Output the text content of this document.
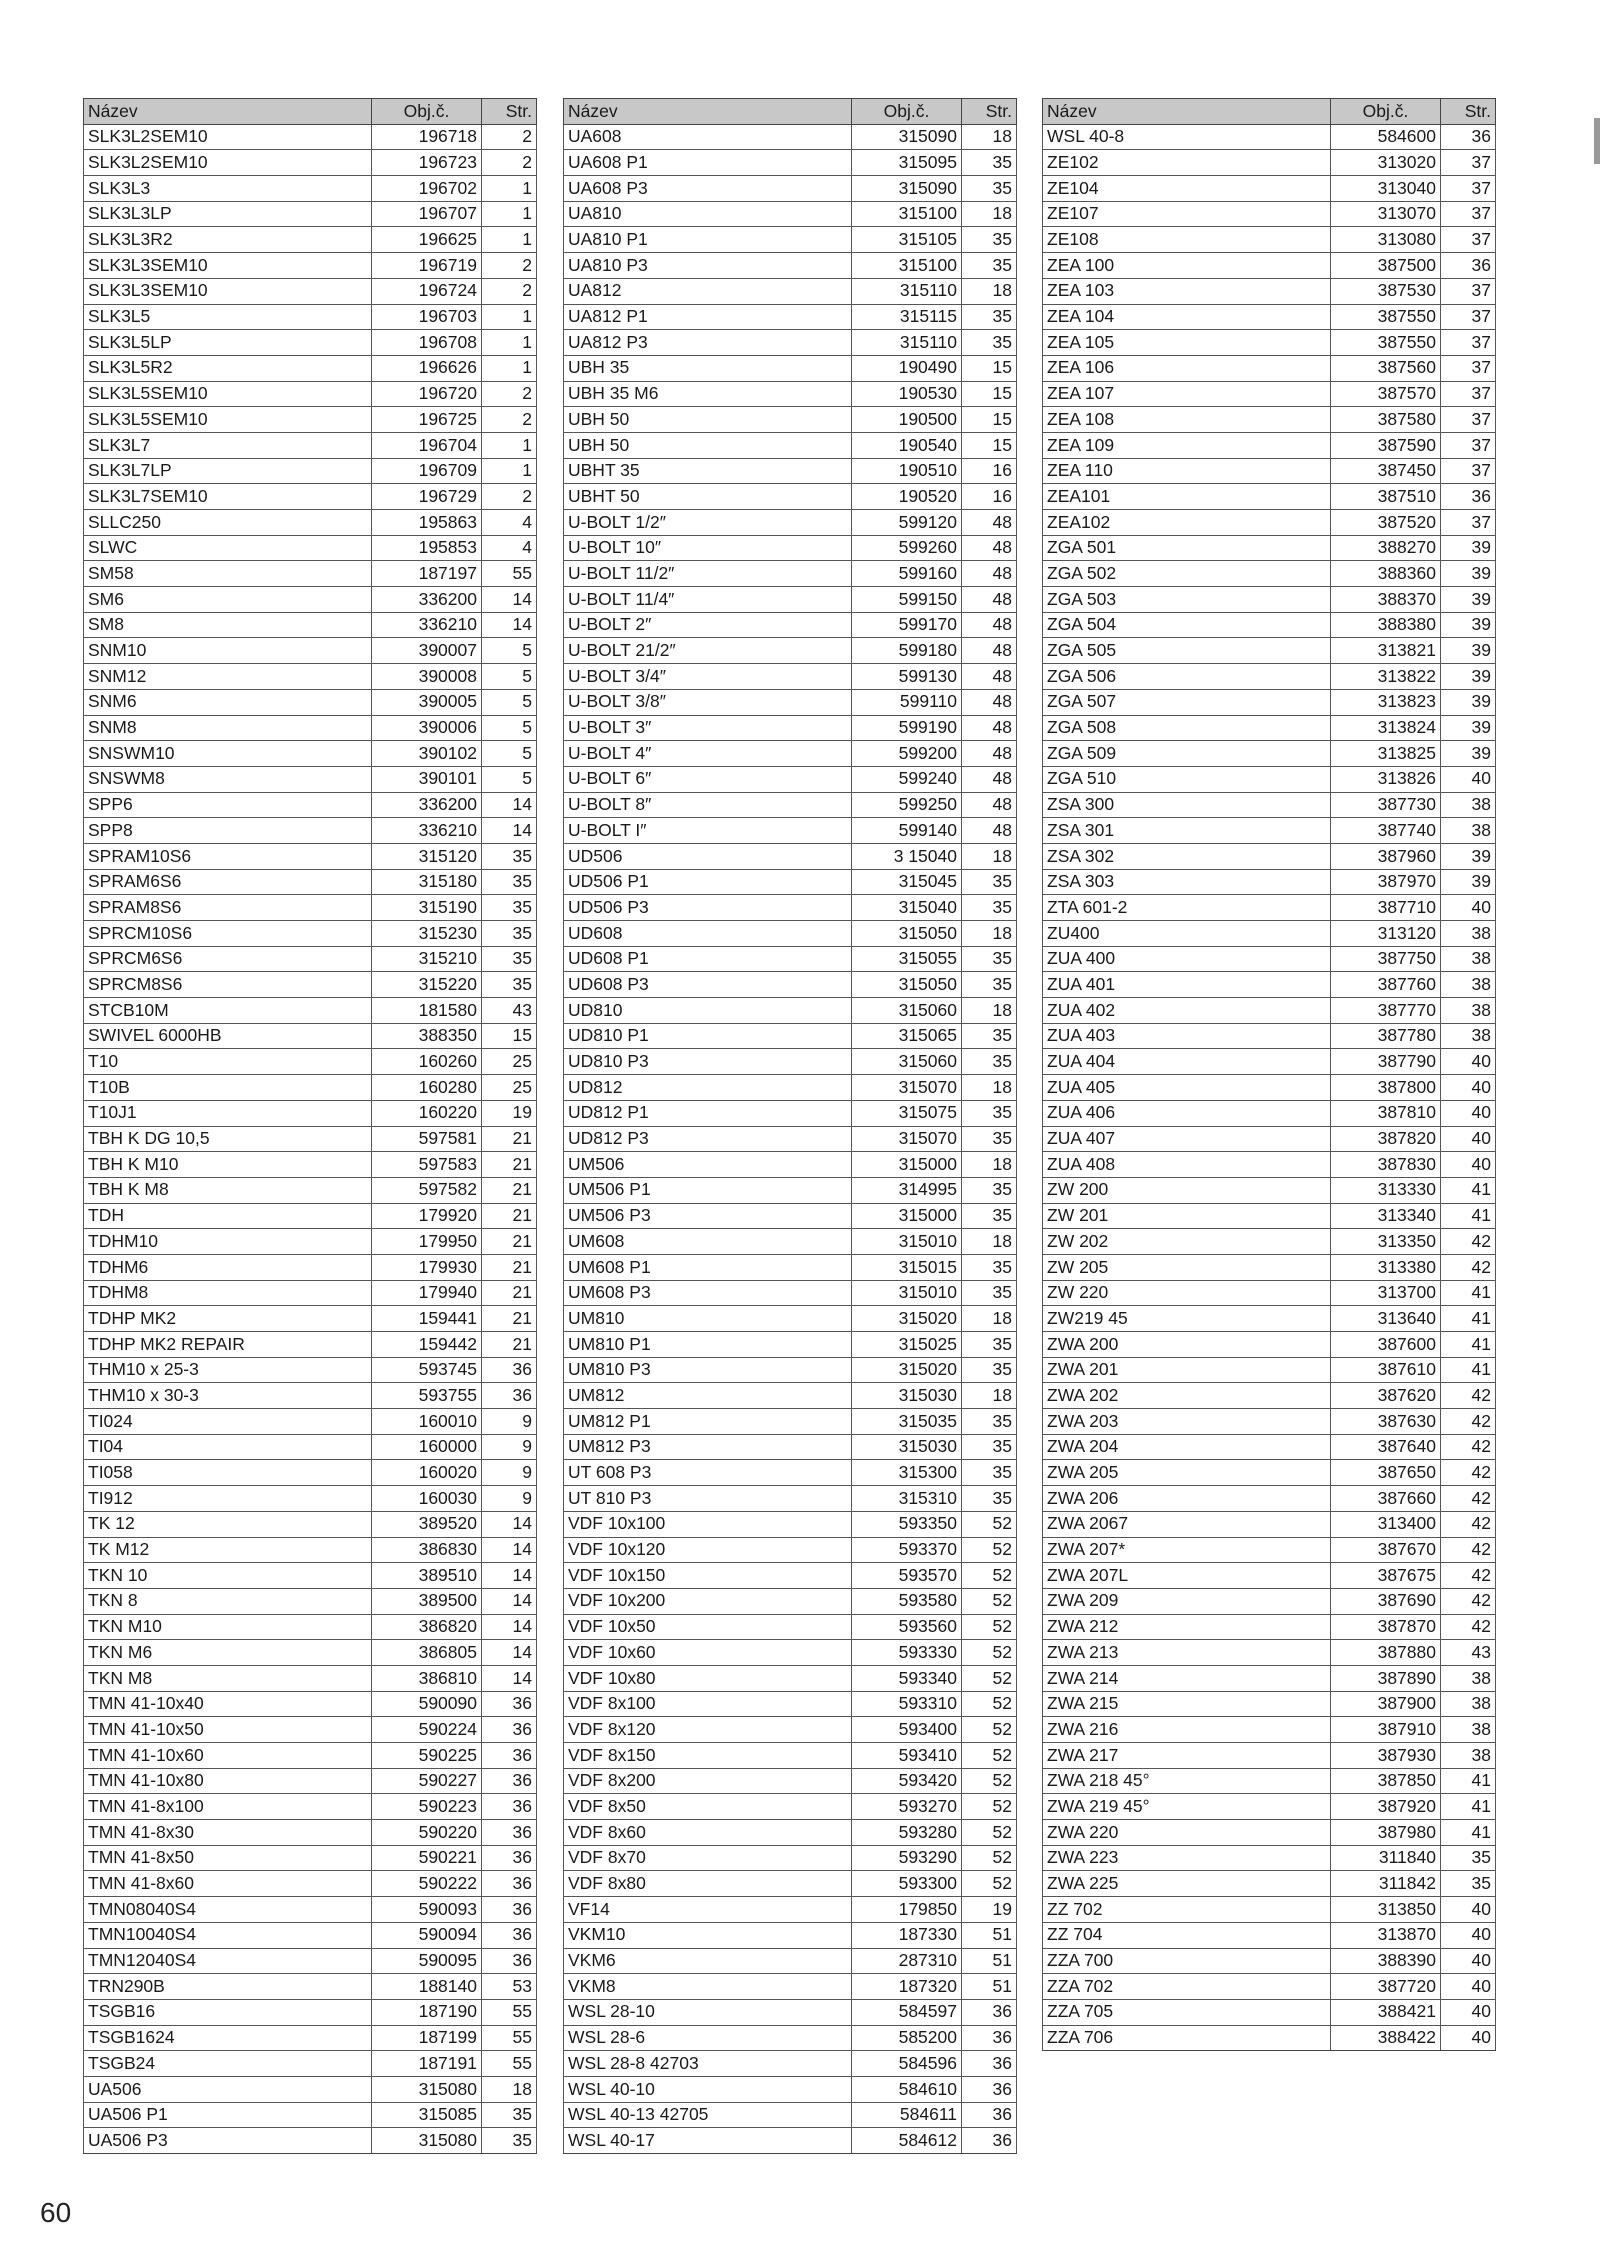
Název	Obj.č.	Str.
SLK3L2SEM10	196718	2
SLK3L2SEM10	196723	2
SLK3L3	196702	1
SLK3L3LP	196707	1
SLK3L3R2	196625	1
SLK3L3SEM10	196719	2
SLK3L3SEM10	196724	2
SLK3L5	196703	1
SLK3L5LP	196708	1
SLK3L5R2	196626	1
SLK3L5SEM10	196720	2
SLK3L5SEM10	196725	2
SLK3L7	196704	1
SLK3L7LP	196709	1
SLK3L7SEM10	196729	2
SLLC250	195863	4
SLWC	195853	4
SM58	187197	55
SM6	336200	14
SM8	336210	14
SNM10	390007	5
SNM12	390008	5
SNM6	390005	5
SNM8	390006	5
SNSWM10	390102	5
SNSWM8	390101	5
SPP6	336200	14
SPP8	336210	14
SPRAM10S6	315120	35
SPRAM6S6	315180	35
SPRAM8S6	315190	35
SPRCM10S6	315230	35
SPRCM6S6	315210	35
SPRCM8S6	315220	35
STCB10M	181580	43
SWIVEL 6000HB	388350	15
T10	160260	25
T10B	160280	25
T10J1	160220	19
TBH K DG 10,5	597581	21
TBH K M10	597583	21
TBH K M8	597582	21
TDH	179920	21
TDHM10	179950	21
TDHM6	179930	21
TDHM8	179940	21
TDHP MK2	159441	21
TDHP MK2 REPAIR	159442	21
THM10 x 25-3	593745	36
THM10 x 30-3	593755	36
TI024	160010	9
TI04	160000	9
TI058	160020	9
TI912	160030	9
TK 12	389520	14
TK M12	386830	14
TKN 10	389510	14
TKN 8	389500	14
TKN M10	386820	14
TKN M6	386805	14
TKN M8	386810	14
TMN 41-10x40	590090	36
TMN 41-10x50	590224	36
TMN 41-10x60	590225	36
TMN 41-10x80	590227	36
TMN 41-8x100	590223	36
TMN 41-8x30	590220	36
TMN 41-8x50	590221	36
TMN 41-8x60	590222	36
TMN08040S4	590093	36
TMN10040S4	590094	36
TMN12040S4	590095	36
TRN290B	188140	53
TSGB16	187190	55
TSGB1624	187199	55
TSGB24	187191	55
UA506	315080	18
UA506 P1	315085	35
UA506 P3	315080	35
Název	Obj.č.	Str.
UA608	315090	18
UA608 P1	315095	35
UA608 P3	315090	35
UA810	315100	18
UA810 P1	315105	35
UA810 P3	315100	35
UA812	315110	18
UA812 P1	315115	35
UA812 P3	315110	35
UBH 35	190490	15
UBH 35 M6	190530	15
UBH 50	190500	15
UBH 50	190540	15
UBHT 35	190510	16
UBHT 50	190520	16
U-BOLT 1/2″	599120	48
U-BOLT 10″	599260	48
U-BOLT 11/2″	599160	48
U-BOLT 11/4″	599150	48
U-BOLT 2″	599170	48
U-BOLT 21/2″	599180	48
U-BOLT 3/4″	599130	48
U-BOLT 3/8″	599110	48
U-BOLT 3″	599190	48
U-BOLT 4″	599200	48
U-BOLT 6″	599240	48
U-BOLT 8″	599250	48
U-BOLT I″	599140	48
UD506	3 15040	18
UD506 P1	315045	35
UD506 P3	315040	35
UD608	315050	18
UD608 P1	315055	35
UD608 P3	315050	35
UD810	315060	18
UD810 P1	315065	35
UD810 P3	315060	35
UD812	315070	18
UD812 P1	315075	35
UD812 P3	315070	35
UM506	315000	18
UM506 P1	314995	35
UM506 P3	315000	35
UM608	315010	18
UM608 P1	315015	35
UM608 P3	315010	35
UM810	315020	18
UM810 P1	315025	35
UM810 P3	315020	35
UM812	315030	18
UM812 P1	315035	35
UM812 P3	315030	35
UT 608 P3	315300	35
UT 810 P3	315310	35
VDF 10x100	593350	52
VDF 10x120	593370	52
VDF 10x150	593570	52
VDF 10x200	593580	52
VDF 10x50	593560	52
VDF 10x60	593330	52
VDF 10x80	593340	52
VDF 8x100	593310	52
VDF 8x120	593400	52
VDF 8x150	593410	52
VDF 8x200	593420	52
VDF 8x50	593270	52
VDF 8x60	593280	52
VDF 8x70	593290	52
VDF 8x80	593300	52
VF14	179850	19
VKM10	187330	51
VKM6	287310	51
VKM8	187320	51
WSL 28-10	584597	36
WSL 28-6	585200	36
WSL 28-8 42703	584596	36
WSL 40-10	584610	36
WSL 40-13 42705	584611	36
WSL 40-17	584612	36
Název	Obj.č.	Str.
WSL 40-8	584600	36
ZE102	313020	37
ZE104	313040	37
ZE107	313070	37
ZE108	313080	37
ZEA 100	387500	36
ZEA 103	387530	37
ZEA 104	387550	37
ZEA 105	387550	37
ZEA 106	387560	37
ZEA 107	387570	37
ZEA 108	387580	37
ZEA 109	387590	37
ZEA 110	387450	37
ZEA101	387510	36
ZEA102	387520	37
ZGA 501	388270	39
ZGA 502	388360	39
ZGA 503	388370	39
ZGA 504	388380	39
ZGA 505	313821	39
ZGA 506	313822	39
ZGA 507	313823	39
ZGA 508	313824	39
ZGA 509	313825	39
ZGA 510	313826	40
ZSA 300	387730	38
ZSA 301	387740	38
ZSA 302	387960	39
ZSA 303	387970	39
ZTA 601-2	387710	40
ZU400	313120	38
ZUA 400	387750	38
ZUA 401	387760	38
ZUA 402	387770	38
ZUA 403	387780	38
ZUA 404	387790	40
ZUA 405	387800	40
ZUA 406	387810	40
ZUA 407	387820	40
ZUA 408	387830	40
ZW 200	313330	41
ZW 201	313340	41
ZW 202	313350	42
ZW 205	313380	42
ZW 220	313700	41
ZW219 45	313640	41
ZWA 200	387600	41
ZWA 201	387610	41
ZWA 202	387620	42
ZWA 203	387630	42
ZWA 204	387640	42
ZWA 205	387650	42
ZWA 206	387660	42
ZWA 2067	313400	42
ZWA 207*	387670	42
ZWA 207L	387675	42
ZWA 209	387690	42
ZWA 212	387870	42
ZWA 213	387880	43
ZWA 214	387890	38
ZWA 215	387900	38
ZWA 216	387910	38
ZWA 217	387930	38
ZWA 218 45°	387850	41
ZWA 219 45°	387920	41
ZWA 220	387980	41
ZWA 223	311840	35
ZWA 225	311842	35
ZZ 702	313850	40
ZZ 704	313870	40
ZZA 700	388390	40
ZZA 702	387720	40
ZZA 705	388421	40
ZZA 706	388422	40
60
